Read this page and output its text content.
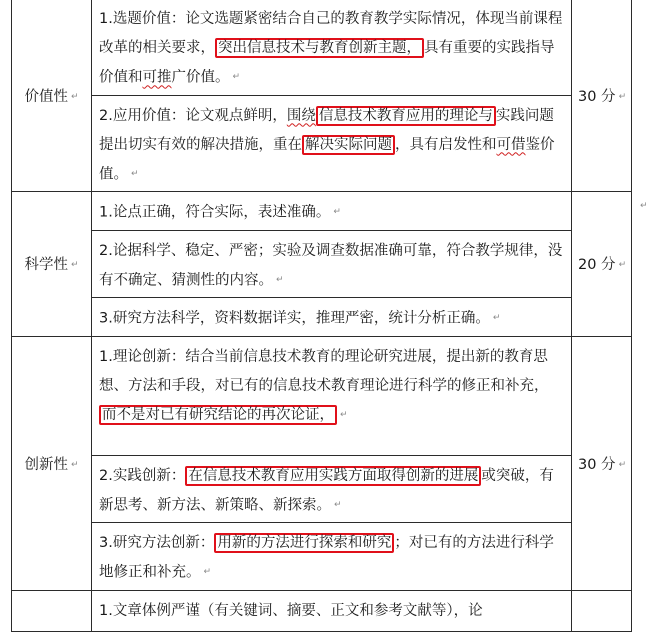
价值性 ↵	1.选题价值：论文选题紧密结合自己的教育教学实际情况，体现当前课程改革的相关要求， 突出信息技术与教育创新主题， 具有重要的实践指导价值和可推广价值。 ↵	30 分 ↵
	2.应用价值：论文观点鲜明，围绕 信息技术教育应用的理论与 实践问题提出切实有效的解决措施，重在 解决实际问题 ，具有启发性和可借鉴价值。 ↵	
科学性 ↵	1.论点正确，符合实际，表述准确。 ↵	20 分 ↵
	2.论据科学、稳定、严密；实验及调查数据准确可靠，符合教学规律，没有不确定、猜测性的内容。 ↵	
	3.研究方法科学，资料数据详实，推理严密，统计分析正确。 ↵	
创新性 ↵	1.理论创新：结合当前信息技术教育的理论研究进展，提出新的教育思想、方法和手段，对已有的信息技术教育理论进行科学的修正和补充，而不是对已有研究结论的再次论证， ↵	30 分 ↵
	2.实践创新： 在信息技术教育应用实践方面取得创新的进展 或突破，有新思考、新方法、新策略、新探索。 ↵	
	3.研究方法创新： 用新的方法进行探索和研究 ；对已有的方法进行科学地修正和补充。 ↵	
	1.文章体例严谨（有关键词、摘要、正文和参考文献等），论	
↵
